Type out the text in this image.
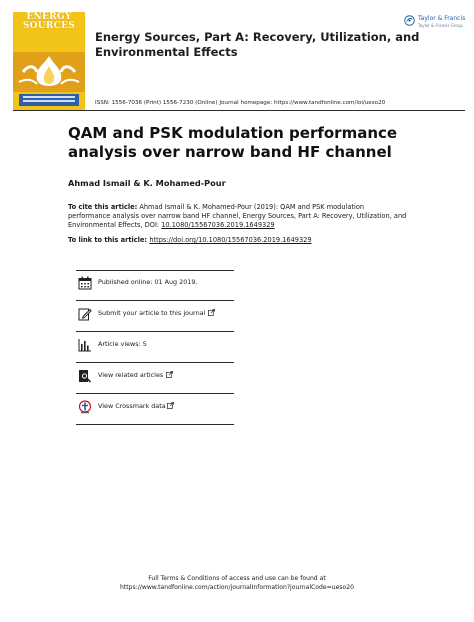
ENERGY
SOURCES
Taylor & Francis
Taylor & Francis Group
Energy Sources, Part A: Recovery, Utilization, and Environmental Effects
ISSN: 1556-7036 (Print) 1556-7230 (Online) Journal homepage: https://www.tandfonline.com/loi/ueso20
QAM and PSK modulation performance analysis over narrow band HF channel
Ahmad Ismail & K. Mohamed-Pour
To cite this article: Ahmad Ismail & K. Mohamed-Pour (2019): QAM and PSK modulation performance analysis over narrow band HF channel, Energy Sources, Part A: Recovery, Utilization, and Environmental Effects, DOI: 10.1080/15567036.2019.1649329
To link to this article: https://doi.org/10.1080/15567036.2019.1649329
Published online: 01 Aug 2019.
Submit your article to this journal
Article views: 5
View related articles
View Crossmark data
Full Terms & Conditions of access and use can be found at
https://www.tandfonline.com/action/journalInformation?journalCode=ueso20
